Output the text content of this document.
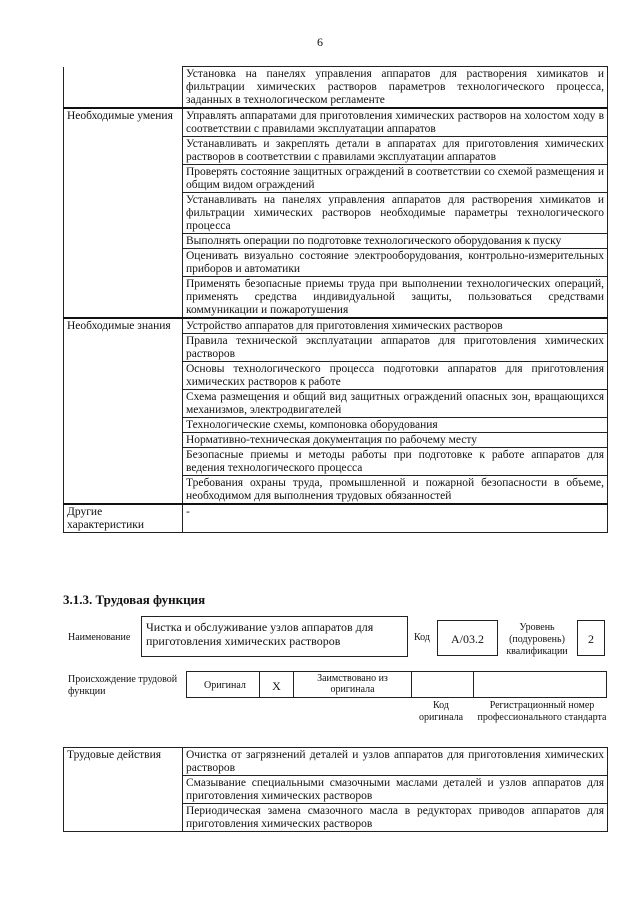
6
	Установка на панелях управления аппаратов для растворения химикатов и фильтрации химических растворов параметров технологического процесса, заданных в технологическом регламенте
Необходимые умения	Управлять аппаратами для приготовления химических растворов на холостом ходу в соответствии с правилами эксплуатации аппаратов
	Устанавливать и закреплять детали в аппаратах для приготовления химических растворов в соответствии с правилами эксплуатации аппаратов
	Проверять состояние защитных ограждений в соответствии со схемой размещения и общим видом ограждений
	Устанавливать на панелях управления аппаратов для растворения химикатов и фильтрации химических растворов необходимые параметры технологического процесса
	Выполнять операции по подготовке технологического оборудования к пуску
	Оценивать визуально состояние электрооборудования, контрольно-измерительных приборов и автоматики
	Применять безопасные приемы труда при выполнении технологических операций, применять средства индивидуальной защиты, пользоваться средствами коммуникации и пожаротушения
Необходимые знания	Устройство аппаратов для приготовления химических растворов
	Правила технической эксплуатации аппаратов для приготовления химических растворов
	Основы технологического процесса подготовки аппаратов для приготовления химических растворов к работе
	Схема размещения и общий вид защитных ограждений опасных зон, вращающихся механизмов, электродвигателей
	Технологические схемы, компоновка оборудования
	Нормативно-техническая документация по рабочему месту
	Безопасные приемы и методы работы при подготовке к работе аппаратов для ведения технологического процесса
	Требования охраны труда, промышленной и пожарной безопасности в объеме, необходимом для выполнения трудовых обязанностей
Другие характеристики	-
3.1.3. Трудовая функция
Наименование
Чистка и обслуживание узлов аппаратов для приготовления химических растворов	Код	А/03.2
Уровень (подуровень) квалификации
2
Происхождение трудовой функции
Оригинал	X
Заимствовано из оригинала
Код оригинала
Регистрационный номер профессионального стандарта
Трудовые действия	Очистка от загрязнений деталей и узлов аппаратов для приготовления химических растворов
	Смазывание специальными смазочными маслами деталей и узлов аппаратов для приготовления химических растворов
	Периодическая замена смазочного масла в редукторах приводов аппаратов для приготовления химических растворов
